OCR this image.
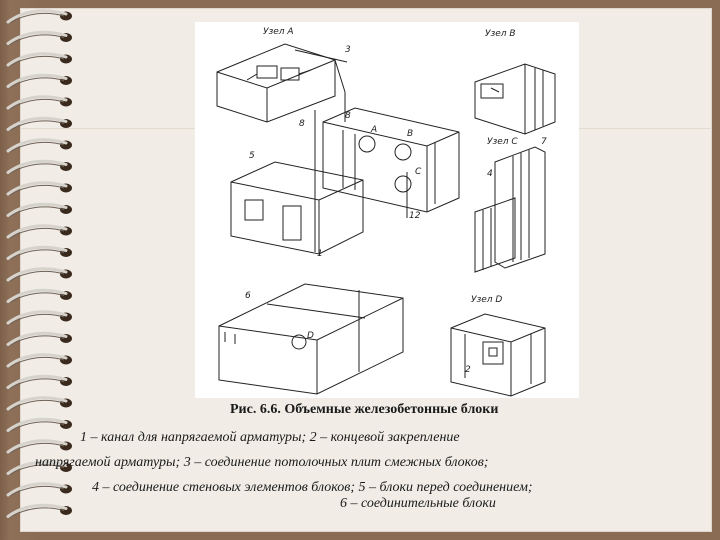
Узел А	Узел В
Узел С
Узел D
1
2
3
4
5
6
7
8
8
12
А	В
С
D
Рис. 6.6. Объемные железобетонные блоки
1 – канал для напрягаемой арматуры; 2 – концевой закрепление
напрягаемой арматуры; 3 – соединение потолочных плит смежных блоков;
4 – соединение стеновых элементов блоков; 5 – блоки перед соединением;
6 – соединительные блоки
